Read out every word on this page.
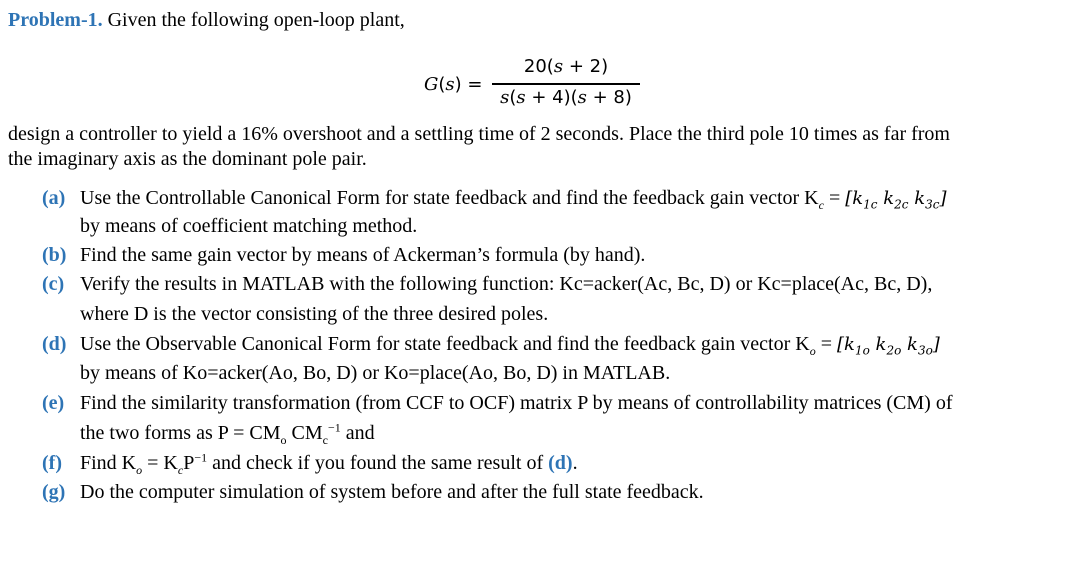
Problem-1. Given the following open-loop plant,
G(s) =
20(s + 2)
s(s + 4)(s + 8)
design a controller to yield a 16% overshoot and a settling time of 2 seconds. Place the third pole 10 times as far from
the imaginary axis as the dominant pole pair.
(a) Use the Controllable Canonical Form for state feedback and find the feedback gain vector $K_c = [k_{1c}$ $k_{2c}$ $k_{3c}$]
by means of coefficient matching method.
(b) Find the same gain vector by means of Ackerman’s formula (by hand).
(c) Verify the results in MATLAB with the following function: Kc=acker(Ac, Bc, D) or Kc=place(Ac, Bc, D),
where D is the vector consisting of the three desired poles.
(d) Use the Observable Canonical Form for state feedback and find the feedback gain vector $K_o = [k_{1o}$ $k_{2o}$ $k_{3o}$]
by means of Ko=acker(Ao, Bo, D) or Ko=place(Ao, Bo, D) in MATLAB.
(e) Find the similarity transformation (from CCF to OCF) matrix P by means of controllability matrices (CM) of
the two forms as $P = CM_o$ $CM_c^{-1}$ and
(f) Find $K_o = K_cP^{-1}$ and check if you found the same result of (d).
(g) Do the computer simulation of system before and after the full state feedback.
